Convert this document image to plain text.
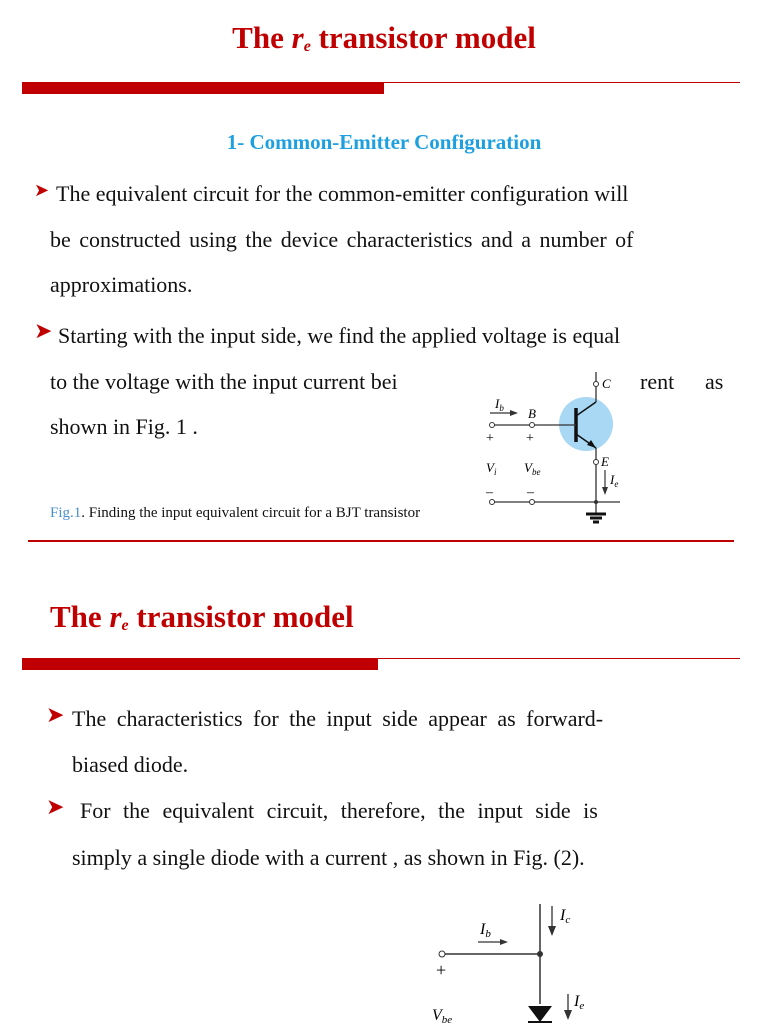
The $r_e$ transistor model
1- Common-Emitter Configuration
➤ The equivalent circuit for the common-emitter configuration will
be constructed using the device characteristics and a number of
approximations.
➤ Starting with the input side, we find the applied voltage is equal
to the voltage with the input current bei	rent as
shown in Fig. 1 .
$I_b$ B
C
E
$I_e$
+ +
$V_i$ $V_{be}$
– –
Fig.1. Finding the input equivalent circuit for a BJT transistor
The $r_e$ transistor model
➤ The characteristics for the input side appear as forward-
biased diode.
➤ For the equivalent circuit, therefore, the input side is
simply a single diode with a current , as shown in Fig. (2).
Ic
Ib
+
Ie
Vbe
